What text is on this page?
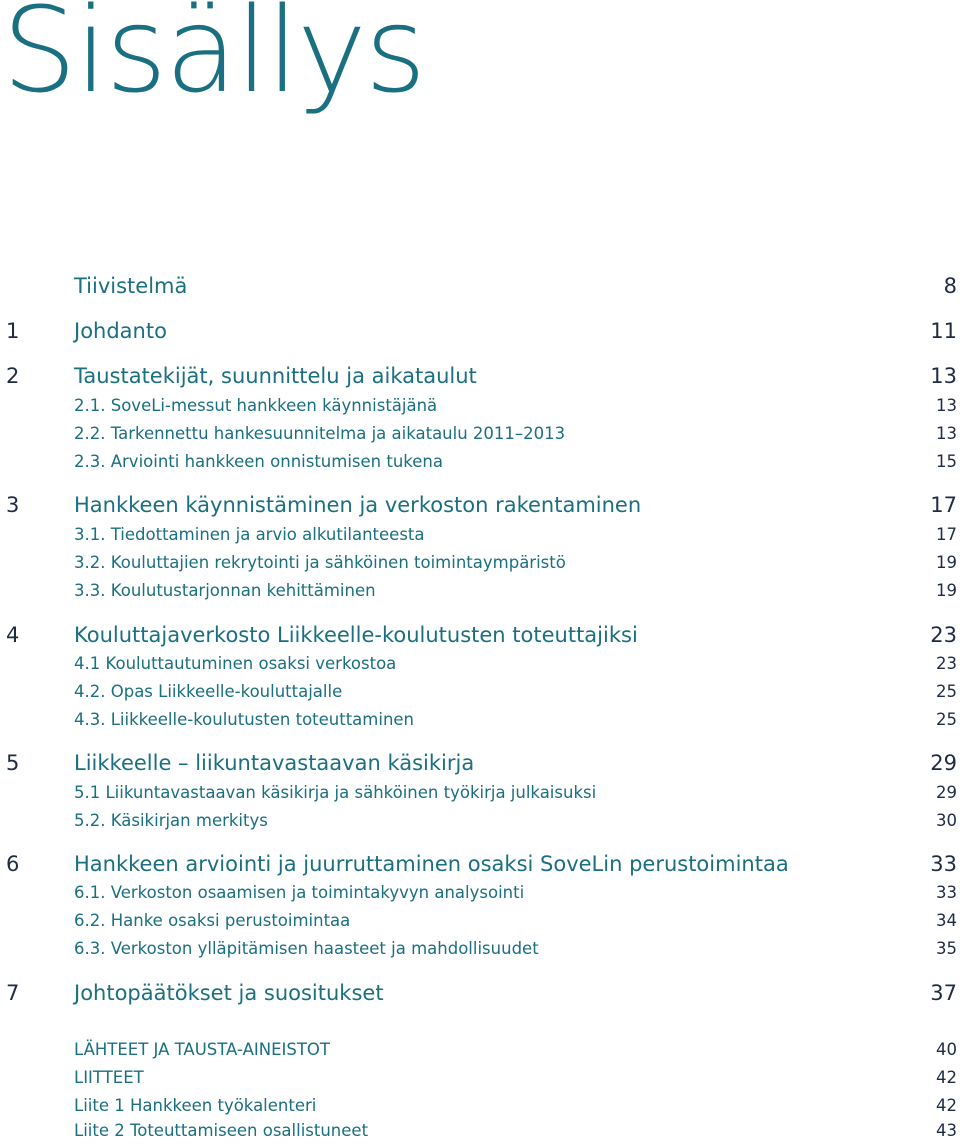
Sisällys
Tiivistelmä	8
1	Johdanto	11
2	Taustatekijät, suunnittelu ja aikataulut	13
2.1. SoveLi-messut hankkeen käynnistäjänä	13
2.2. Tarkennettu hankesuunnitelma ja aikataulu 2011–2013	13
2.3. Arviointi hankkeen onnistumisen tukena	15
3	Hankkeen käynnistäminen ja verkoston rakentaminen	17
3.1. Tiedottaminen ja arvio alkutilanteesta	17
3.2. Kouluttajien rekrytointi ja sähköinen toimintaympäristö	19
3.3. Koulutustarjonnan kehittäminen	19
4	Kouluttajaverkosto Liikkeelle-koulutusten toteuttajiksi	23
4.1 Kouluttautuminen osaksi verkostoa	23
4.2. Opas Liikkeelle-kouluttajalle	25
4.3. Liikkeelle-koulutusten toteuttaminen	25
5	Liikkeelle – liikuntavastaavan käsikirja	29
5.1 Liikuntavastaavan käsikirja ja sähköinen työkirja julkaisuksi	29
5.2. Käsikirjan merkitys	30
6	Hankkeen arviointi ja juurruttaminen osaksi SoveLin perustoimintaa	33
6.1. Verkoston osaamisen ja toimintakyvyn analysointi	33
6.2. Hanke osaksi perustoimintaa	34
6.3. Verkoston ylläpitämisen haasteet ja mahdollisuudet	35
7	Johtopäätökset ja suositukset	37
LÄHTEET JA TAUSTA-AINEISTOT	40
LIITTEET	42
Liite 1 Hankkeen työkalenteri	42
Liite 2 Toteuttamiseen osallistuneet	43
